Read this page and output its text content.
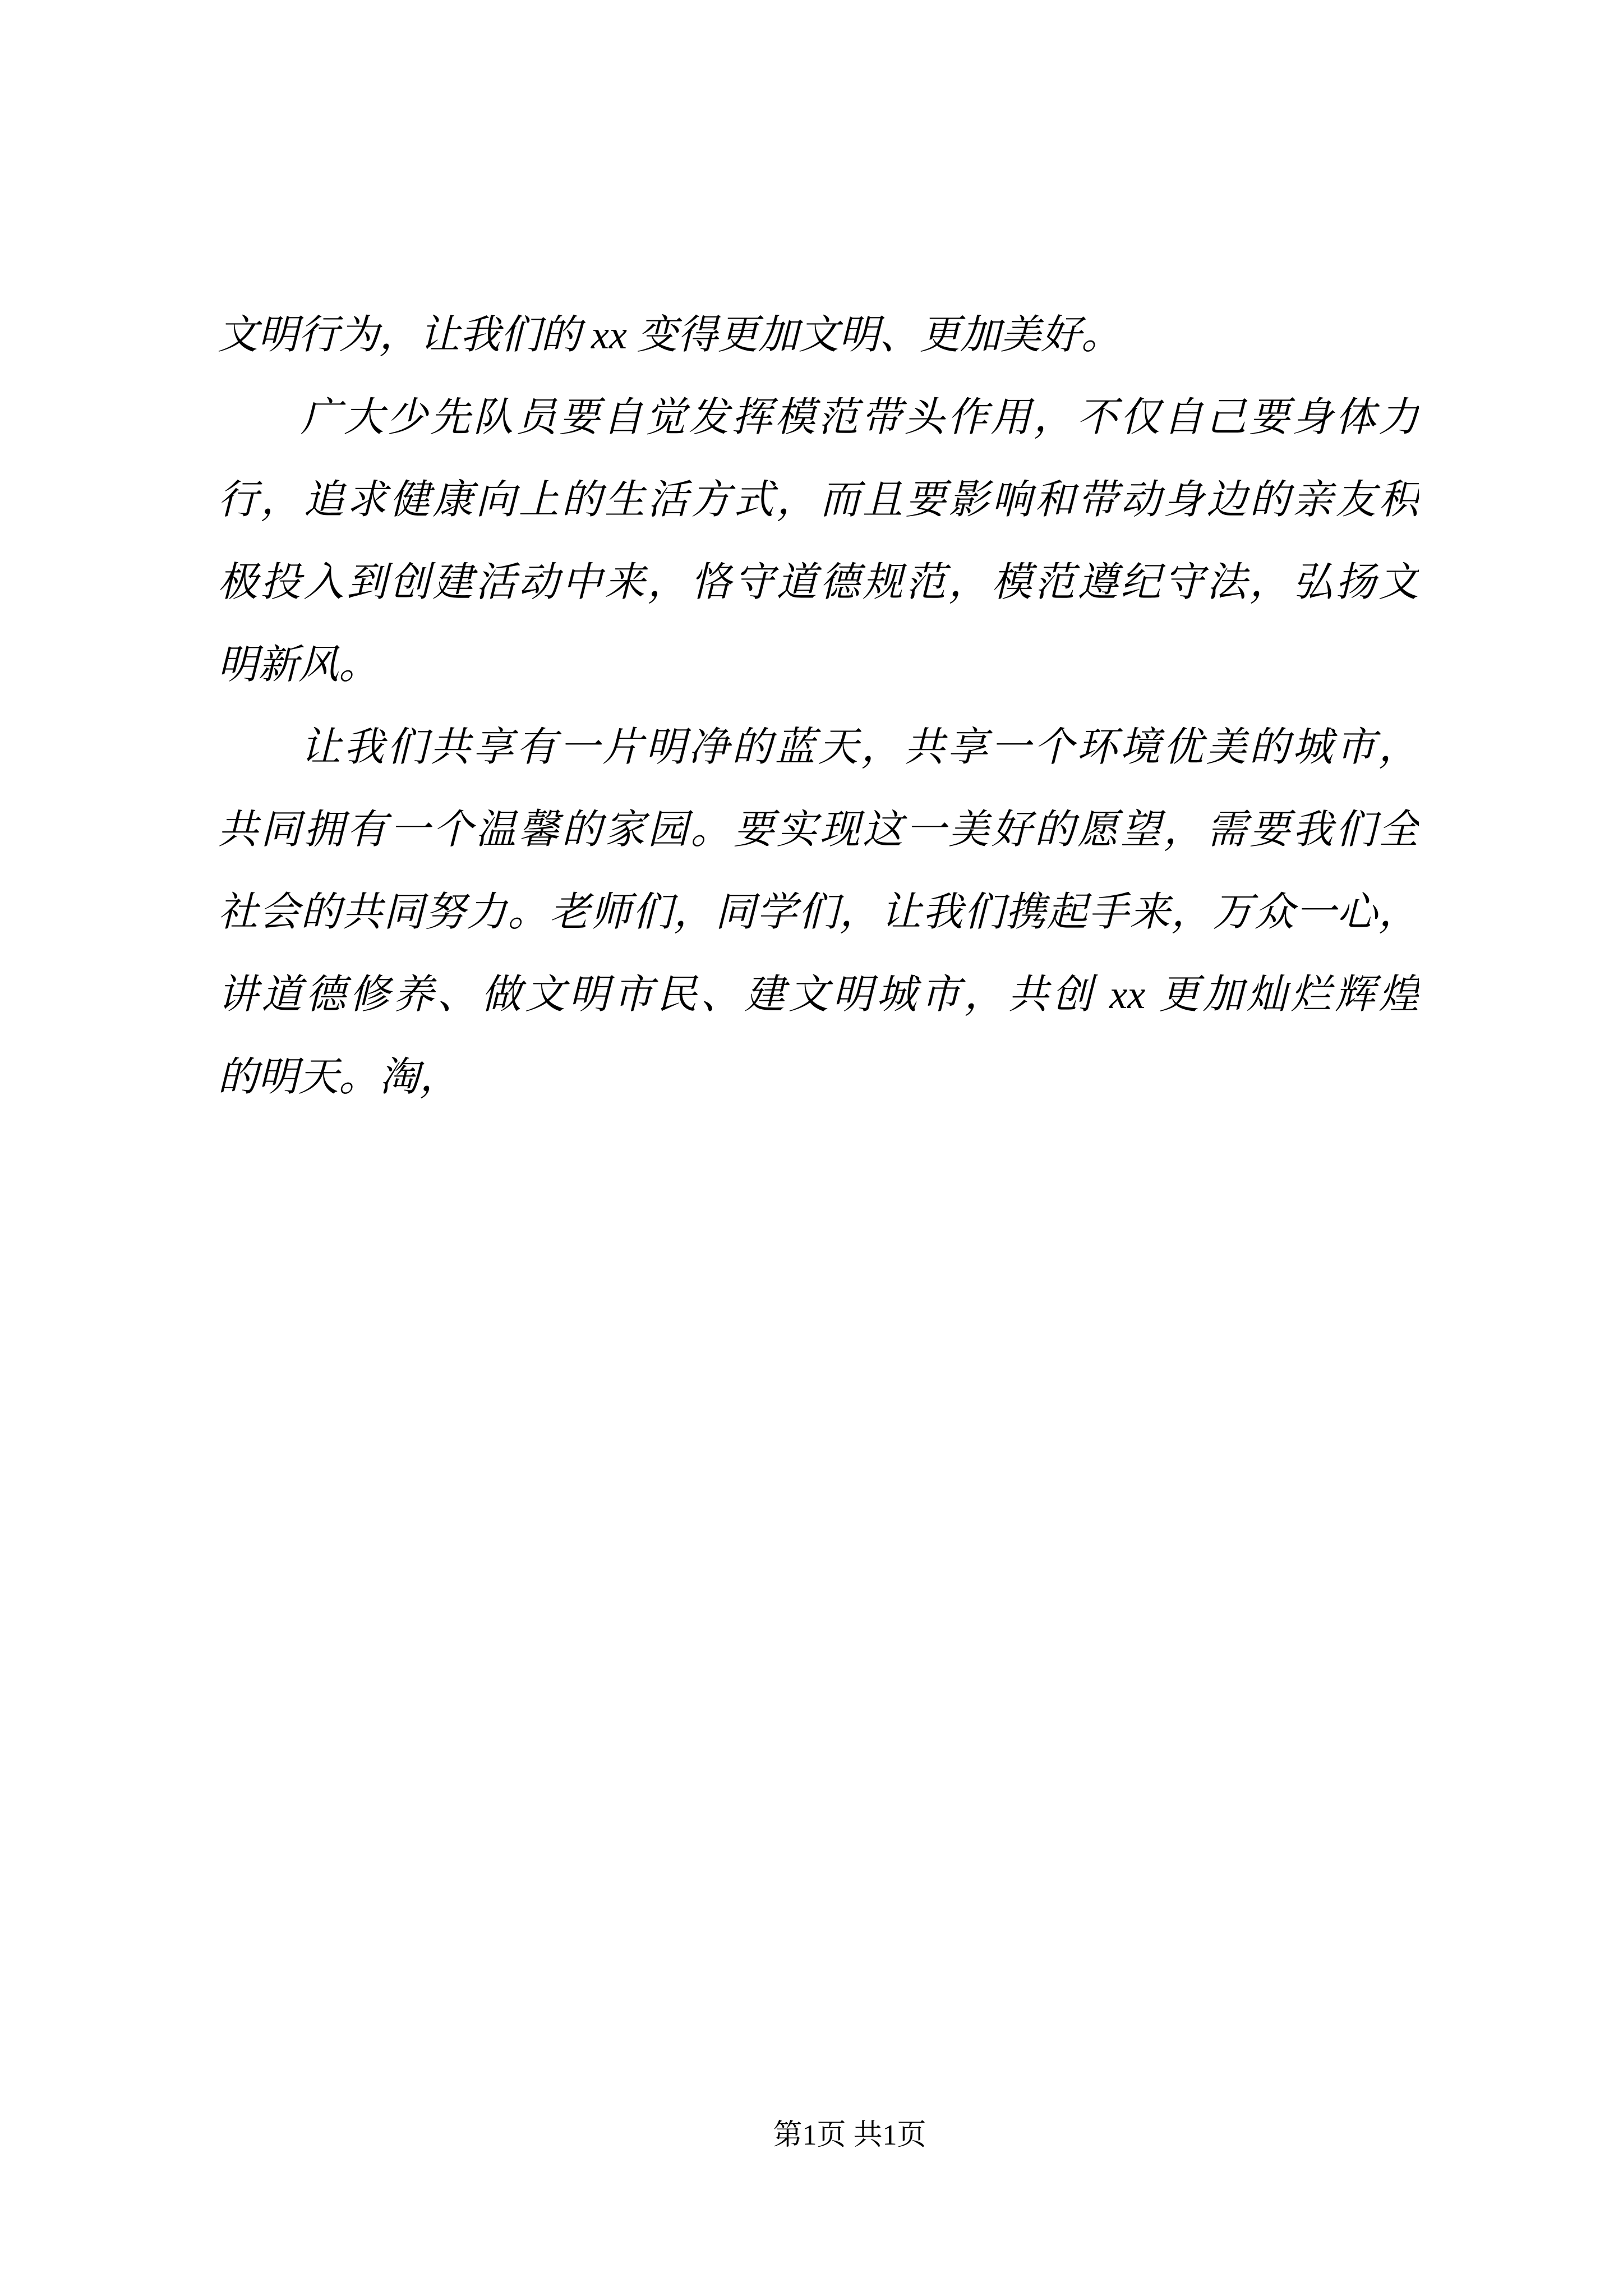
文明行为，让我们的 xx 变得更加文明、更加美好。
广大少先队员要自觉发挥模范带头作用，不仅自己要身体力
行，追求健康向上的生活方式，而且要影响和带动身边的亲友积
极投入到创建活动中来，恪守道德规范，模范遵纪守法，弘扬文
明新风。
让我们共享有一片明净的蓝天，共享一个环境优美的城市，
共同拥有一个温馨的家园。要实现这一美好的愿望，需要我们全
社会的共同努力。老师们，同学们，让我们携起手来，万众一心，
讲道德修养、做文明市民、建文明城市，共创 xx 更加灿烂辉煌
的明天。淘，
第1页 共1页
